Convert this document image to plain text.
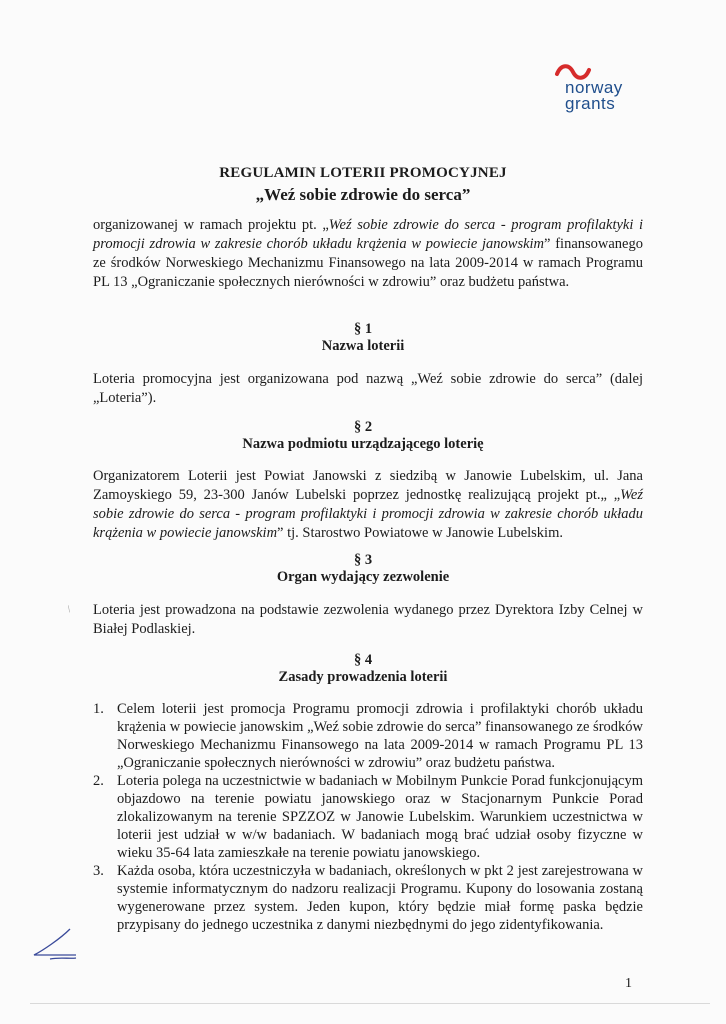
norway
grants
REGULAMIN LOTERII PROMOCYJNEJ
„Weź sobie zdrowie do serca”
organizowanej w ramach projektu pt. „Weź sobie zdrowie do serca - program profilaktyki i promocji zdrowia w zakresie chorób układu krążenia w powiecie janowskim” finansowanego ze środków Norweskiego Mechanizmu Finansowego na lata 2009-2014 w ramach Programu PL 13 „Ograniczanie społecznych nierówności w zdrowiu” oraz budżetu państwa.
§ 1
Nazwa loterii
Loteria promocyjna jest organizowana pod nazwą „Weź sobie zdrowie do serca” (dalej „Loteria”).
§ 2
Nazwa podmiotu urządzającego loterię
Organizatorem Loterii jest Powiat Janowski z siedzibą w Janowie Lubelskim, ul. Jana Zamoyskiego 59, 23-300 Janów Lubelski poprzez jednostkę realizującą projekt pt.„ „Weź sobie zdrowie do serca - program profilaktyki i promocji zdrowia w zakresie chorób układu krążenia w powiecie janowskim” tj. Starostwo Powiatowe w Janowie Lubelskim.
§ 3
Organ wydający zezwolenie
Loteria jest prowadzona na podstawie zezwolenia wydanego przez Dyrektora Izby Celnej w Białej Podlaskiej.
§ 4
Zasady prowadzenia loterii
1. Celem loterii jest promocja Programu promocji zdrowia i profilaktyki chorób układu krążenia w powiecie janowskim „Weź sobie zdrowie do serca” finansowanego ze środków Norweskiego Mechanizmu Finansowego na lata 2009-2014 w ramach Programu PL 13 „Ograniczanie społecznych nierówności w zdrowiu” oraz budżetu państwa.
2. Loteria polega na uczestnictwie w badaniach w Mobilnym Punkcie Porad funkcjonującym objazdowo na terenie powiatu janowskiego oraz w Stacjonarnym Punkcie Porad zlokalizowanym na terenie SPZZOZ w Janowie Lubelskim. Warunkiem uczestnictwa w loterii jest udział w w/w badaniach. W badaniach mogą brać udział osoby fizyczne w wieku 35-64 lata zamieszkałe na terenie powiatu janowskiego.
3. Każda osoba, która uczestniczyła w badaniach, określonych w pkt 2 jest zarejestrowana w systemie informatycznym do nadzoru realizacji Programu. Kupony do losowania zostaną wygenerowane przez system. Jeden kupon, który będzie miał formę paska będzie przypisany do jednego uczestnika z danymi niezbędnymi do jego zidentyfikowania.
/
1
